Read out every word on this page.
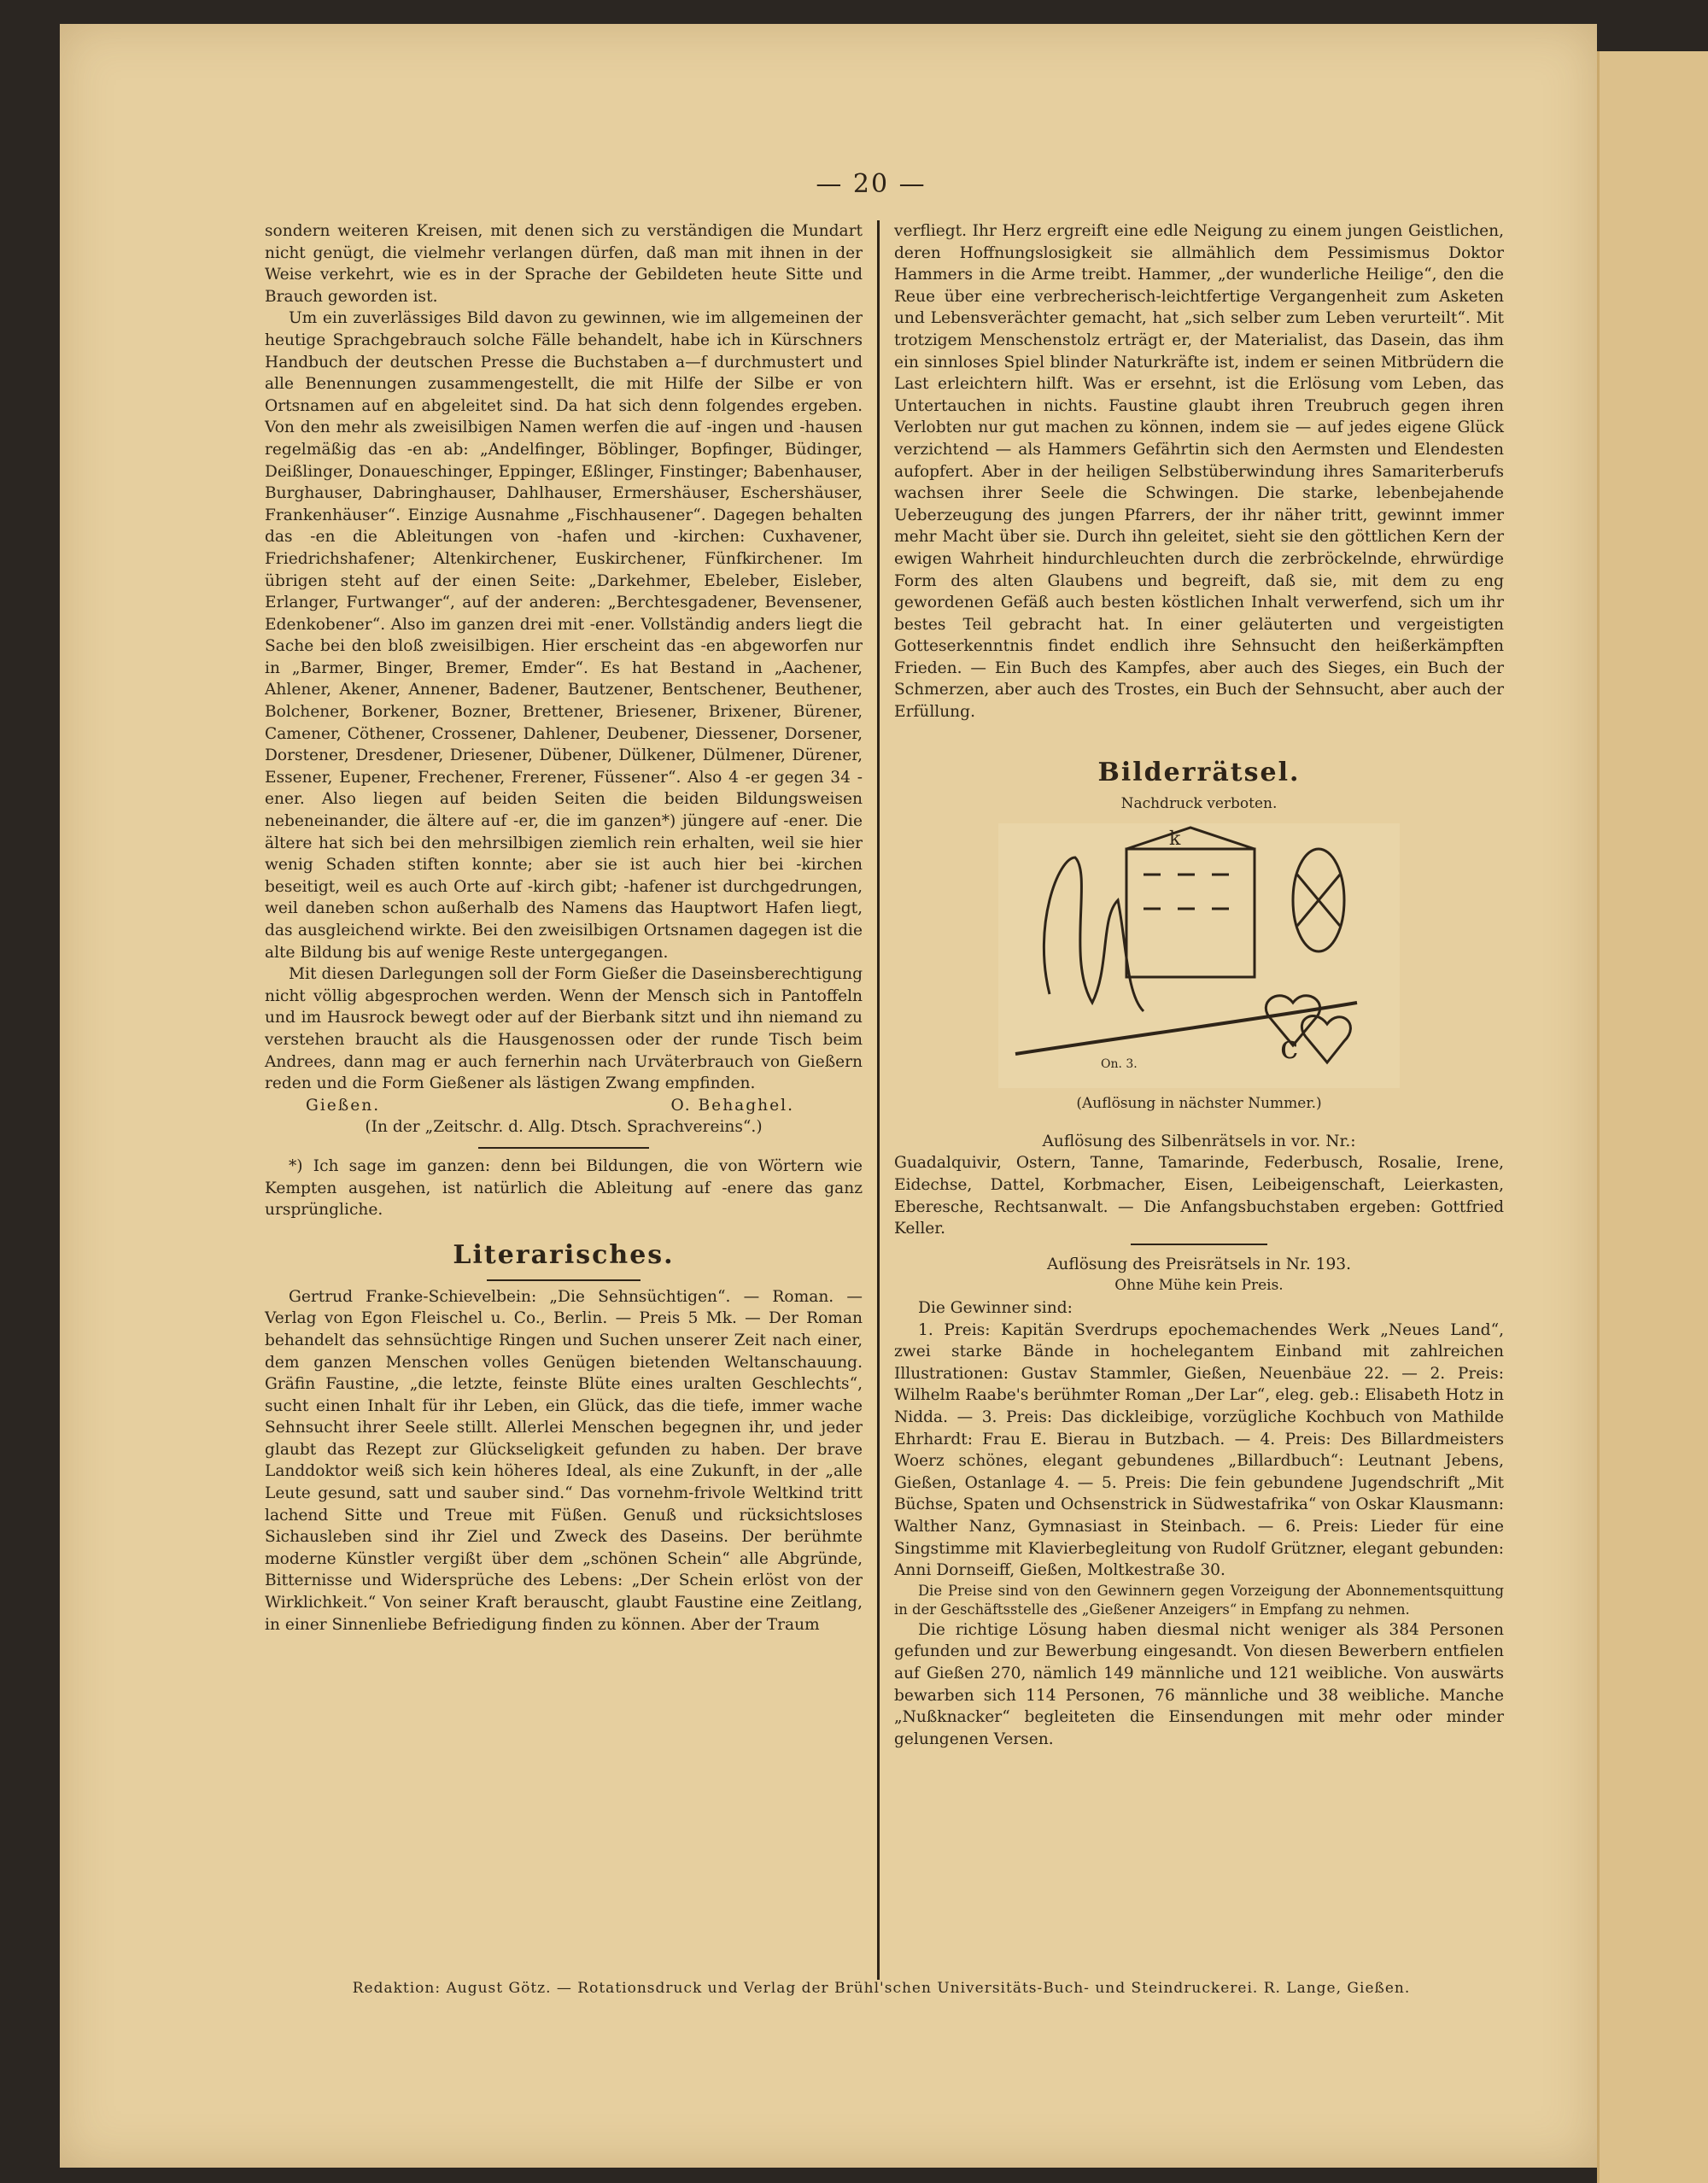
— 20 —

sondern weiteren Kreisen, mit denen sich zu verständigen die Mundart nicht genügt, die vielmehr verlangen dürfen, daß man mit ihnen in der Weise verkehrt, wie es in der Sprache der Gebildeten heute Sitte und Brauch geworden ist.

Um ein zuverlässiges Bild davon zu gewinnen, wie im allgemeinen der heutige Sprachgebrauch solche Fälle behandelt, habe ich in Kürschners Handbuch der deutschen Presse die Buchstaben a—f durchmustert und alle Benennungen zusammengestellt, die mit Hilfe der Silbe er von Ortsnamen auf en abgeleitet sind. Da hat sich denn folgendes ergeben. Von den mehr als zweisilbigen Namen werfen die auf -ingen und -hausen regelmäßig das -en ab: „Andelfinger, Böblinger, Bopfinger, Büdinger, Deißlinger, Donaueschinger, Eppinger, Eßlinger, Finstinger; Babenhauser, Burghauser, Dabringhauser, Dahlhauser, Ermershäuser, Eschershäuser, Frankenhäuser“. Einzige Ausnahme „Fischhausener“. Dagegen behalten das -en die Ableitungen von -hafen und -kirchen: Cuxhavener, Friedrichshafener; Altenkirchener, Euskirchener, Fünfkirchener. Im übrigen steht auf der einen Seite: „Darkehmer, Ebeleber, Eisleber, Erlanger, Furtwanger“, auf der anderen: „Berchtesgadener, Bevensener, Edenkobener“. Also im ganzen drei mit -ener. Vollständig anders liegt die Sache bei den bloß zweisilbigen. Hier erscheint das -en abgeworfen nur in „Barmer, Binger, Bremer, Emder“. Es hat Bestand in „Aachener, Ahlener, Akener, Annener, Badener, Bautzener, Bentschener, Beuthener, Bolchener, Borkener, Bozner, Brettener, Briesener, Brixener, Bürener, Camener, Cöthener, Crossener, Dahlener, Deubener, Diessener, Dorsener, Dorstener, Dresdener, Driesener, Dübener, Dülkener, Dülmener, Dürener, Essener, Eupener, Frechener, Frerener, Füssener“. Also 4 -er gegen 34 -ener. Also liegen auf beiden Seiten die beiden Bildungsweisen nebeneinander, die ältere auf -er, die im ganzen*) jüngere auf -ener. Die ältere hat sich bei den mehrsilbigen ziemlich rein erhalten, weil sie hier wenig Schaden stiften konnte; aber sie ist auch hier bei -kirchen beseitigt, weil es auch Orte auf -kirch gibt; -hafener ist durchgedrungen, weil daneben schon außerhalb des Namens das Hauptwort Hafen liegt, das ausgleichend wirkte. Bei den zweisilbigen Ortsnamen dagegen ist die alte Bildung bis auf wenige Reste untergegangen.

Mit diesen Darlegungen soll der Form Gießer die Daseinsberechtigung nicht völlig abgesprochen werden. Wenn der Mensch sich in Pantoffeln und im Hausrock bewegt oder auf der Bierbank sitzt und ihn niemand zu verstehen braucht als die Hausgenossen oder der runde Tisch beim Andrees, dann mag er auch fernerhin nach Urväterbrauch von Gießern reden und die Form Gießener als lästigen Zwang empfinden.

Gießen.	O. Behaghel.
(In der „Zeitschr. d. Allg. Dtsch. Sprachvereins“.)

*) Ich sage im ganzen: denn bei Bildungen, die von Wörtern wie Kempten ausgehen, ist natürlich die Ableitung auf -enere das ganz ursprüngliche.

Literarisches.

Gertrud Franke-Schievelbein: „Die Sehnsüchtigen“. — Roman. — Verlag von Egon Fleischel u. Co., Berlin. — Preis 5 Mk. — Der Roman behandelt das sehnsüchtige Ringen und Suchen unserer Zeit nach einer, dem ganzen Menschen volles Genügen bietenden Weltanschauung. Gräfin Faustine, „die letzte, feinste Blüte eines uralten Geschlechts“, sucht einen Inhalt für ihr Leben, ein Glück, das die tiefe, immer wache Sehnsucht ihrer Seele stillt. Allerlei Menschen begegnen ihr, und jeder glaubt das Rezept zur Glückseligkeit gefunden zu haben. Der brave Landdoktor weiß sich kein höheres Ideal, als eine Zukunft, in der „alle Leute gesund, satt und sauber sind.“ Das vornehm-frivole Weltkind tritt lachend Sitte und Treue mit Füßen. Genuß und rücksichtsloses Sichausleben sind ihr Ziel und Zweck des Daseins. Der berühmte moderne Künstler vergißt über dem „schönen Schein“ alle Abgründe, Bitternisse und Widersprüche des Lebens: „Der Schein erlöst von der Wirklichkeit.“ Von seiner Kraft berauscht, glaubt Faustine eine Zeitlang, in einer Sinnenliebe Befriedigung finden zu können. Aber der Traum

verfliegt. Ihr Herz ergreift eine edle Neigung zu einem jungen Geistlichen, deren Hoffnungslosigkeit sie allmählich dem Pessimismus Doktor Hammers in die Arme treibt. Hammer, „der wunderliche Heilige“, den die Reue über eine verbrecherisch-leichtfertige Vergangenheit zum Asketen und Lebensverächter gemacht, hat „sich selber zum Leben verurteilt“. Mit trotzigem Menschenstolz erträgt er, der Materialist, das Dasein, das ihm ein sinnloses Spiel blinder Naturkräfte ist, indem er seinen Mitbrüdern die Last erleichtern hilft. Was er ersehnt, ist die Erlösung vom Leben, das Untertauchen in nichts. Faustine glaubt ihren Treubruch gegen ihren Verlobten nur gut machen zu können, indem sie — auf jedes eigene Glück verzichtend — als Hammers Gefährtin sich den Aermsten und Elendesten aufopfert. Aber in der heiligen Selbstüberwindung ihres Samariterberufs wachsen ihrer Seele die Schwingen. Die starke, lebenbejahende Ueberzeugung des jungen Pfarrers, der ihr näher tritt, gewinnt immer mehr Macht über sie. Durch ihn geleitet, sieht sie den göttlichen Kern der ewigen Wahrheit hindurchleuchten durch die zerbröckelnde, ehrwürdige Form des alten Glaubens und begreift, daß sie, mit dem zu eng gewordenen Gefäß auch besten köstlichen Inhalt verwerfend, sich um ihr bestes Teil gebracht hat. In einer geläuterten und vergeistigten Gotteserkenntnis findet endlich ihre Sehnsucht den heißerkämpften Frieden. — Ein Buch des Kampfes, aber auch des Sieges, ein Buch der Schmerzen, aber auch des Trostes, ein Buch der Sehnsucht, aber auch der Erfüllung.

Bilderrätsel.
Nachdruck verboten.
k
c
On. 3.
(Auflösung in nächster Nummer.)
Auflösung des Silbenrätsels in vor. Nr.:

Guadalquivir, Ostern, Tanne, Tamarinde, Federbusch, Rosalie, Irene, Eidechse, Dattel, Korbmacher, Eisen, Leibeigenschaft, Leierkasten, Eberesche, Rechtsanwalt. — Die Anfangsbuchstaben ergeben: Gottfried Keller.

Auflösung des Preisrätsels in Nr. 193.
Ohne Mühe kein Preis.

Die Gewinner sind:

1. Preis: Kapitän Sverdrups epochemachendes Werk „Neues Land“, zwei starke Bände in hochelegantem Einband mit zahlreichen Illustrationen: Gustav Stammler, Gießen, Neuenbäue 22. — 2. Preis: Wilhelm Raabe's berühmter Roman „Der Lar“, eleg. geb.: Elisabeth Hotz in Nidda. — 3. Preis: Das dickleibige, vorzügliche Kochbuch von Mathilde Ehrhardt: Frau E. Bierau in Butzbach. — 4. Preis: Des Billardmeisters Woerz schönes, elegant gebundenes „Billardbuch“: Leutnant Jebens, Gießen, Ostanlage 4. — 5. Preis: Die fein gebundene Jugendschrift „Mit Büchse, Spaten und Ochsenstrick in Südwestafrika“ von Oskar Klausmann: Walther Nanz, Gymnasiast in Steinbach. — 6. Preis: Lieder für eine Singstimme mit Klavierbegleitung von Rudolf Grützner, elegant gebunden: Anni Dornseiff, Gießen, Moltkestraße 30.

Die Preise sind von den Gewinnern gegen Vorzeigung der Abonnementsquittung in der Geschäftsstelle des „Gießener Anzeigers“ in Empfang zu nehmen.

Die richtige Lösung haben diesmal nicht weniger als 384 Personen gefunden und zur Bewerbung eingesandt. Von diesen Bewerbern entfielen auf Gießen 270, nämlich 149 männliche und 121 weibliche. Von auswärts bewarben sich 114 Personen, 76 männliche und 38 weibliche. Manche „Nußknacker“ begleiteten die Einsendungen mit mehr oder minder gelungenen Versen.

Redaktion: August Götz. — Rotationsdruck und Verlag der Brühl'schen Universitäts-Buch- und Steindruckerei. R. Lange, Gießen.
